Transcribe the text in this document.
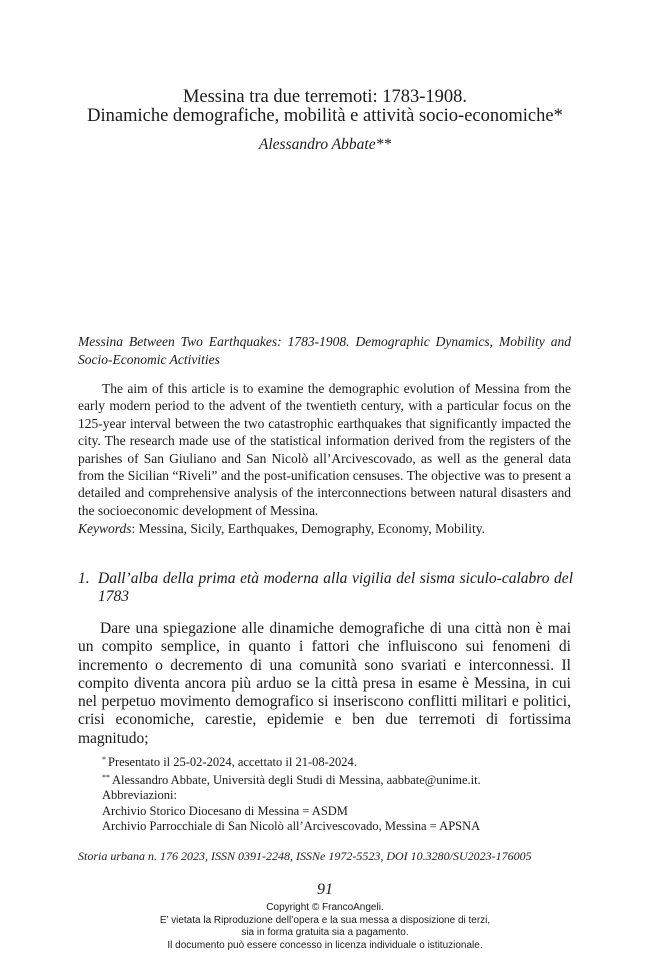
Messina tra due terremoti: 1783-1908.
Dinamiche demografiche, mobilità e attività socio-economiche*
Alessandro Abbate**
Messina Between Two Earthquakes: 1783-1908. Demographic Dynamics, Mobility and Socio-Economic Activities
The aim of this article is to examine the demographic evolution of Messina from the early modern period to the advent of the twentieth century, with a particular focus on the 125-year interval between the two catastrophic earthquakes that significantly impacted the city. The research made use of the statistical information derived from the registers of the parishes of San Giuliano and San Nicolò all’Arcivescovado, as well as the general data from the Sicilian “Riveli” and the post-unification censuses. The objective was to present a detailed and comprehensive analysis of the interconnections between natural disasters and the socioeconomic development of Messina.
Keywords: Messina, Sicily, Earthquakes, Demography, Economy, Mobility.
1. Dall’alba della prima età moderna alla vigilia del sisma siculo-calabro del 1783
Dare una spiegazione alle dinamiche demografiche di una città non è mai un compito semplice, in quanto i fattori che influiscono sui fenomeni di incremento o decremento di una comunità sono svariati e interconnessi. Il compito diventa ancora più arduo se la città presa in esame è Messina, in cui nel perpetuo movimento demografico si inseriscono conflitti militari e politici, crisi economiche, carestie, epidemie e ben due terremoti di fortissima magnitudo;
* Presentato il 25-02-2024, accettato il 21-08-2024.
** Alessandro Abbate, Università degli Studi di Messina, aabbate@unime.it.
Abbreviazioni:
Archivio Storico Diocesano di Messina = ASDM
Archivio Parrocchiale di San Nicolò all’Arcivescovado, Messina = APSNA
Storia urbana n. 176 2023, ISSN 0391-2248, ISSNe 1972-5523, DOI 10.3280/SU2023-176005
91
Copyright © FrancoAngeli.
E’ vietata la Riproduzione dell’opera e la sua messa a disposizione di terzi,
sia in forma gratuita sia a pagamento.
Il documento può essere concesso in licenza individuale o istituzionale.
